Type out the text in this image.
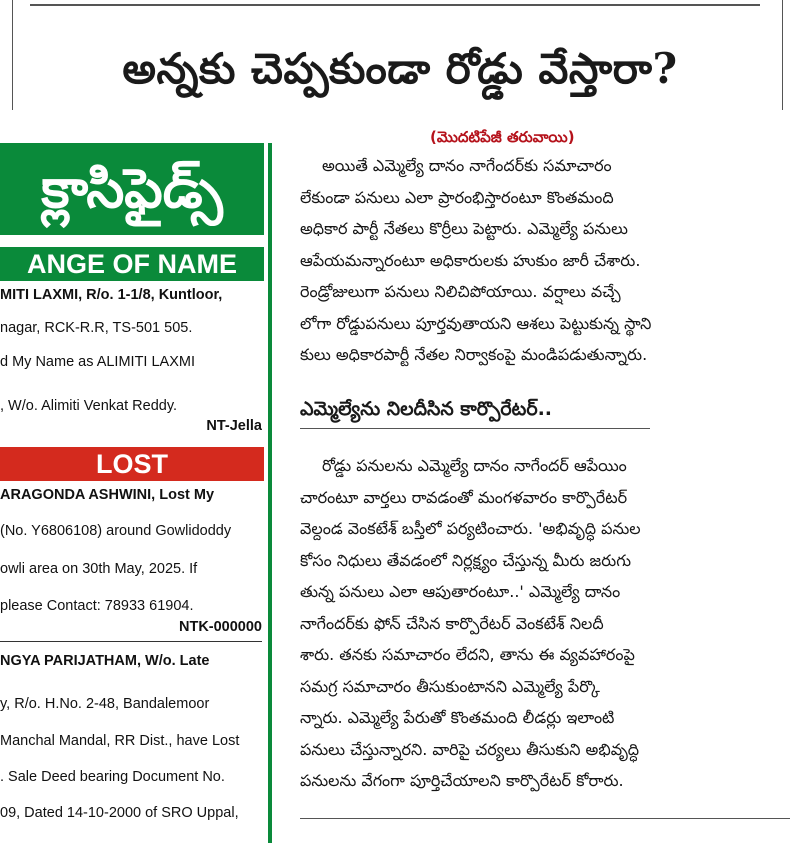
అన్నకు చెప్పకుండా రోడ్డు వేస్తారా?
క్లాసిఫైడ్స్
ANGE OF NAME
MITI LAXMI, R/o. 1-1/8, Kuntloor,
nagar, RCK-R.R, TS-501 505.
d My Name as ALIMITI LAXMI
, W/o. Alimiti Venkat Reddy.
NT-Jella
LOST
ARAGONDA ASHWINI, Lost My
(No. Y6806108) around Gowlidoddy
owli area on 30th May, 2025. If
please Contact: 78933 61904.
NTK-000000
NGYA PARIJATHAM, W/o. Late
y, R/o. H.No. 2-48, Bandalemoor
Manchal Mandal, RR Dist., have Lost
. Sale Deed bearing Document No.
09, Dated 14-10-2000 of SRO Uppal,
(మొదటిపేజీ తరువాయి)
అయితే ఎమ్మెల్యే దానం నాగేందర్‌కు సమాచారం
లేకుండా పనులు ఎలా ప్రారంభిస్తారంటూ కొంతమంది
అధికార పార్టీ నేతలు కొర్రీలు పెట్టారు. ఎమ్మెల్యే పనులు
ఆపేయమన్నారంటూ అధికారులకు హుకుం జారీ చేశారు.
రెండ్రోజులుగా పనులు నిలిచిపోయాయి. వర్షాలు వచ్చే
లోగా రోడ్డుపనులు పూర్తవుతాయని ఆశలు పెట్టుకున్న స్థాని
కులు అధికారపార్టీ నేతల నిర్వాకంపై మండిపడుతున్నారు.
ఎమ్మెల్యేను నిలదీసిన కార్పొరేటర్..
రోడ్డు పనులను ఎమ్మెల్యే దానం నాగేందర్ ఆపేయిం
చారంటూ వార్తలు రావడంతో మంగళవారం కార్పొరేటర్
వెల్దండ వెంకటేశ్ బస్తీలో పర్యటించారు. 'అభివృద్ధి పనుల
కోసం నిధులు తేవడంలో నిర్లక్ష్యం చేస్తున్న మీరు జరుగు
తున్న పనులు ఎలా ఆపుతారంటూ..' ఎమ్మెల్యే దానం
నాగేందర్‌కు ఫోన్ చేసిన కార్పొరేటర్ వెంకటేశ్ నిలదీ
శారు. తనకు సమాచారం లేదని, తాను ఈ వ్యవహారంపై
సమగ్ర సమాచారం తీసుకుంటానని ఎమ్మెల్యే పేర్కొ
న్నారు. ఎమ్మెల్యే పేరుతో కొంతమంది లీడర్లు ఇలాంటి
పనులు చేస్తున్నారని. వారిపై చర్యలు తీసుకుని అభివృద్ధి
పనులను వేగంగా పూర్తిచేయాలని కార్పొరేటర్ కోరారు.
